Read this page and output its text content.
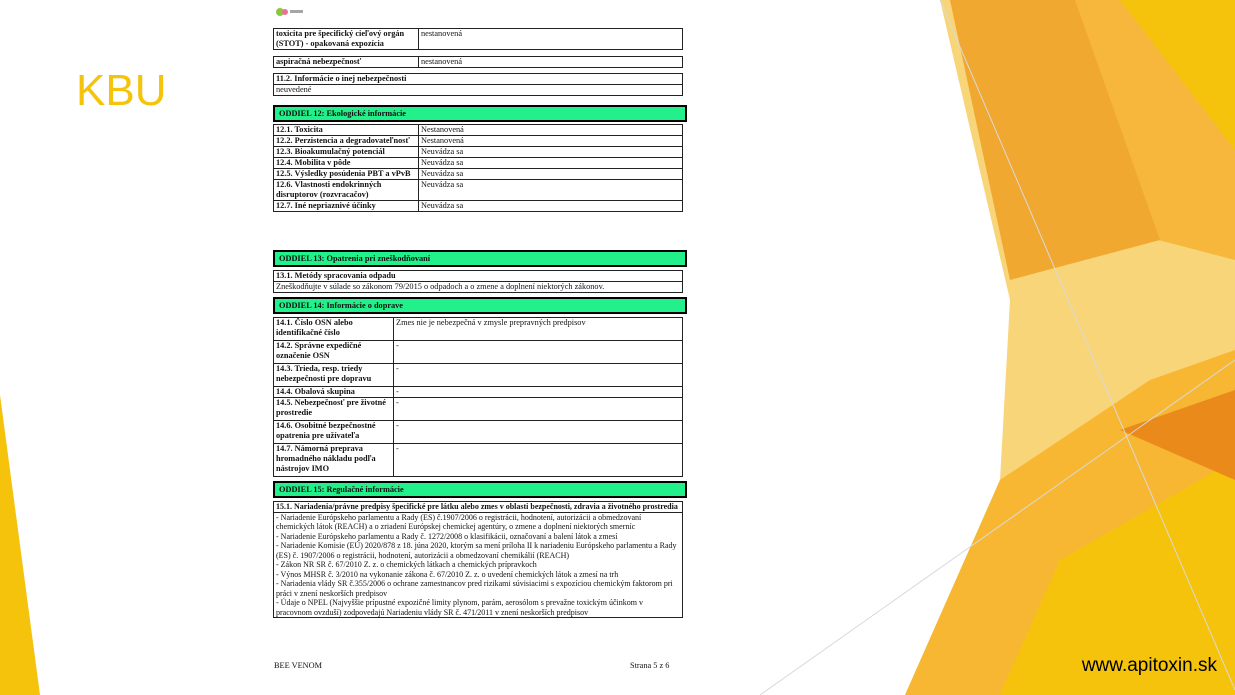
KBU
www.apitoxin.sk
toxicita pre špecifický cieľový orgán (STOT) - opakovaná expozícia	nestanovená
aspiračná nebezpečnosť	nestanovená
11.2. Informácie o inej nebezpečnosti
neuvedené
ODDIEL 12: Ekologické informácie
12.1. Toxicita	Nestanovená
12.2. Perzistencia a degradovateľnosť	Nestanovená
12.3. Bioakumulačný potenciál	Neuvádza sa
12.4. Mobilita v pôde	Neuvádza sa
12.5. Výsledky posúdenia PBT a vPvB	Neuvádza sa
12.6. Vlastnosti endokrinných disruptorov (rozvracačov)	Neuvádza sa
12.7. Iné nepriaznivé účinky	Neuvádza sa
ODDIEL 13: Opatrenia pri zneškodňovaní
13.1. Metódy spracovania odpadu
Zneškodňujte v súlade so zákonom 79/2015 o odpadoch a o zmene a doplnení niektorých zákonov.
ODDIEL 14: Informácie o doprave
14.1. Číslo OSN alebo identifikačné číslo	Zmes nie je nebezpečná v zmysle prepravných predpisov
14.2. Správne expedičné označenie OSN	-
14.3. Trieda, resp. triedy nebezpečnosti pre dopravu	-
14.4. Obalová skupina	-
14.5. Nebezpečnosť pre životné prostredie	-
14.6. Osobitné bezpečnostné opatrenia pre užívateľa	-
14.7. Námorná preprava hromadného nákladu podľa nástrojov IMO	-
ODDIEL 15: Regulačné informácie
15.1. Nariadenia/právne predpisy špecifické pre látku alebo zmes v oblasti bezpečnosti, zdravia a životného prostredia
- Nariadenie Európskeho parlamentu a Rady (ES) č.1907/2006 o registrácii, hodnotení, autorizácii a obmedzovaní chemických látok (REACH) a o zriadení Európskej chemickej agentúry, o zmene a doplnení niektorých smerníc
- Nariadenie Európskeho parlamentu a Rady č. 1272/2008 o klasifikácii, označovaní a balení látok a zmesí
- Nariadenie Komisie (EÚ) 2020/878 z 18. júna 2020, ktorým sa mení príloha II k nariadeniu Európskeho parlamentu a Rady (ES) č. 1907/2006 o registrácii, hodnotení, autorizácii a obmedzovaní chemikálií (REACH)
- Zákon NR SR č. 67/2010 Z. z. o chemických látkach a chemických prípravkoch
- Výnos MHSR č. 3/2010 na vykonanie zákona č. 67/2010 Z. z. o uvedení chemických látok a zmesí na trh
- Nariadenia vlády SR č.355/2006 o ochrane zamestnancov pred rizikami súvisiacimi s expozíciou chemickým faktorom pri práci v znení neskorších predpisov
- Údaje o NPEL (Najvyššie prípustné expozičné limity plynom, parám, aerosólom s prevažne toxickým účinkom v pracovnom ovzduší) zodpovedajú Nariadeniu vlády SR č. 471/2011 v znení neskorších predpisov
BEE VENOM	Strana 5 z 6
